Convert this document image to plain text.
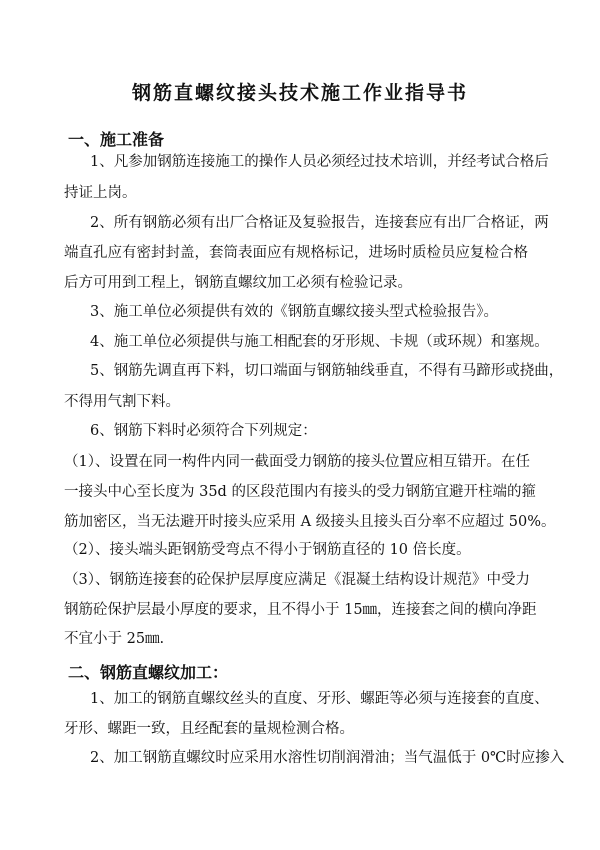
钢筋直螺纹接头技术施工作业指导书
一、施工准备
1、凡参加钢筋连接施工的操作人员必须经过技术培训，并经考试合格后
持证上岗。
2、所有钢筋必须有出厂合格证及复验报告，连接套应有出厂合格证，两
端直孔应有密封封盖，套筒表面应有规格标记，进场时质检员应复检合格
后方可用到工程上，钢筋直螺纹加工必须有检验记录。
3、施工单位必须提供有效的《钢筋直螺纹接头型式检验报告》。
4、施工单位必须提供与施工相配套的牙形规、卡规（或环规）和塞规。
5、钢筋先调直再下料，切口端面与钢筋轴线垂直，不得有马蹄形或挠曲，
不得用气割下料。
6、钢筋下料时必须符合下列规定：
（1）、设置在同一构件内同一截面受力钢筋的接头位置应相互错开。在任
一接头中心至长度为 35d 的区段范围内有接头的受力钢筋宜避开柱端的箍
筋加密区，当无法避开时接头应采用 A 级接头且接头百分率不应超过 50%。
（2）、接头端头距钢筋受弯点不得小于钢筋直径的 10 倍长度。
（3）、钢筋连接套的砼保护层厚度应满足《混凝土结构设计规范》中受力
钢筋砼保护层最小厚度的要求，且不得小于 15㎜，连接套之间的横向净距
不宜小于 25㎜.
二、钢筋直螺纹加工：
1、加工的钢筋直螺纹丝头的直度、牙形、螺距等必须与连接套的直度、
牙形、螺距一致，且经配套的量规检测合格。
2、加工钢筋直螺纹时应采用水溶性切削润滑油；当气温低于 0℃时应掺入
